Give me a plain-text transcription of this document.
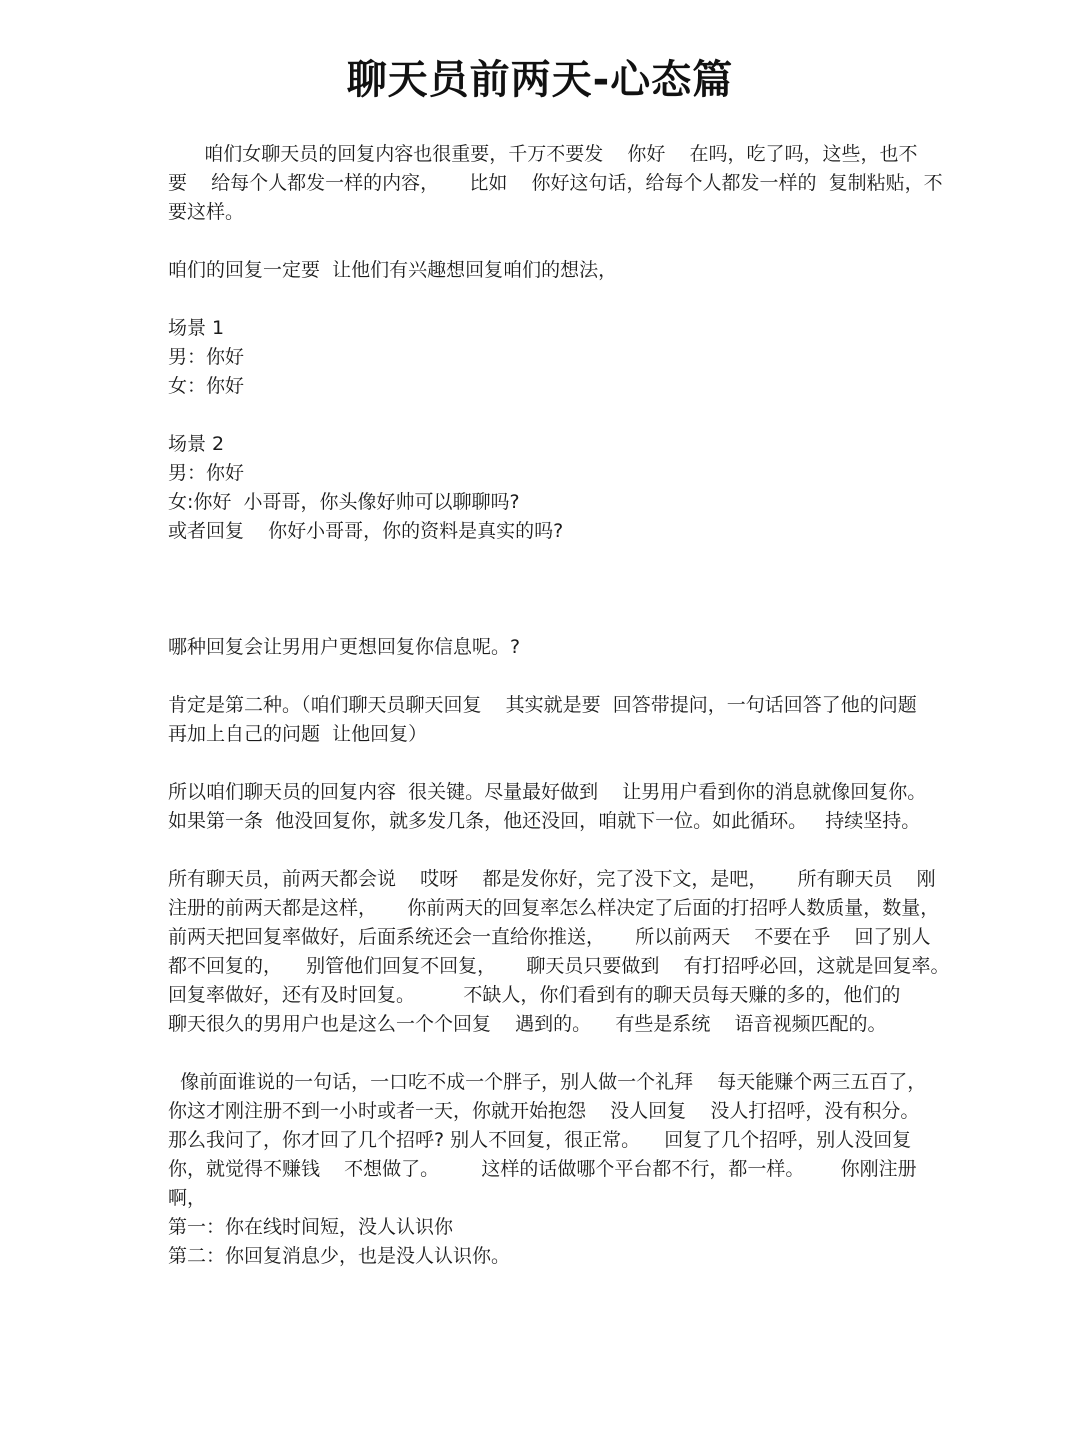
聊天员前两天-心态篇
咱们女聊天员的回复内容也很重要，千万不要发    你好    在吗，吃了吗，这些，也不
要    给每个人都发一样的内容，     比如    你好这句话，给每个人都发一样的  复制粘贴，不
要这样。
咱们的回复一定要  让他们有兴趣想回复咱们的想法，
场景 1
男：你好
女：你好
场景 2
男：你好
女:你好  小哥哥，你头像好帅可以聊聊吗?
或者回复    你好小哥哥，你的资料是真实的吗?
哪种回复会让男用户更想回复你信息呢。?
肯定是第二种。（咱们聊天员聊天回复    其实就是要  回答带提问，一句话回答了他的问题
再加上自己的问题  让他回复）
所以咱们聊天员的回复内容  很关键。尽量最好做到    让男用户看到你的消息就像回复你。
如果第一条  他没回复你，就多发几条，他还没回，咱就下一位。如此循环。   持续坚持。
所有聊天员，前两天都会说    哎呀    都是发你好，完了没下文，是吧，     所有聊天员    刚
注册的前两天都是这样，     你前两天的回复率怎么样决定了后面的打招呼人数质量，数量，
前两天把回复率做好，后面系统还会一直给你推送，     所以前两天    不要在乎    回了别人
都不回复的，    别管他们回复不回复，     聊天员只要做到    有打招呼必回，这就是回复率。
回复率做好，还有及时回复。        不缺人，你们看到有的聊天员每天赚的多的，他们的
聊天很久的男用户也是这么一个个回复    遇到的。    有些是系统    语音视频匹配的。
像前面谁说的一句话，一口吃不成一个胖子，别人做一个礼拜    每天能赚个两三五百了，
你这才刚注册不到一小时或者一天，你就开始抱怨    没人回复    没人打招呼，没有积分。
那么我问了，你才回了几个招呼? 别人不回复，很正常。    回复了几个招呼，别人没回复
你，就觉得不赚钱    不想做了。       这样的话做哪个平台都不行，都一样。      你刚注册
啊，
第一：你在线时间短，没人认识你
第二：你回复消息少，也是没人认识你。
